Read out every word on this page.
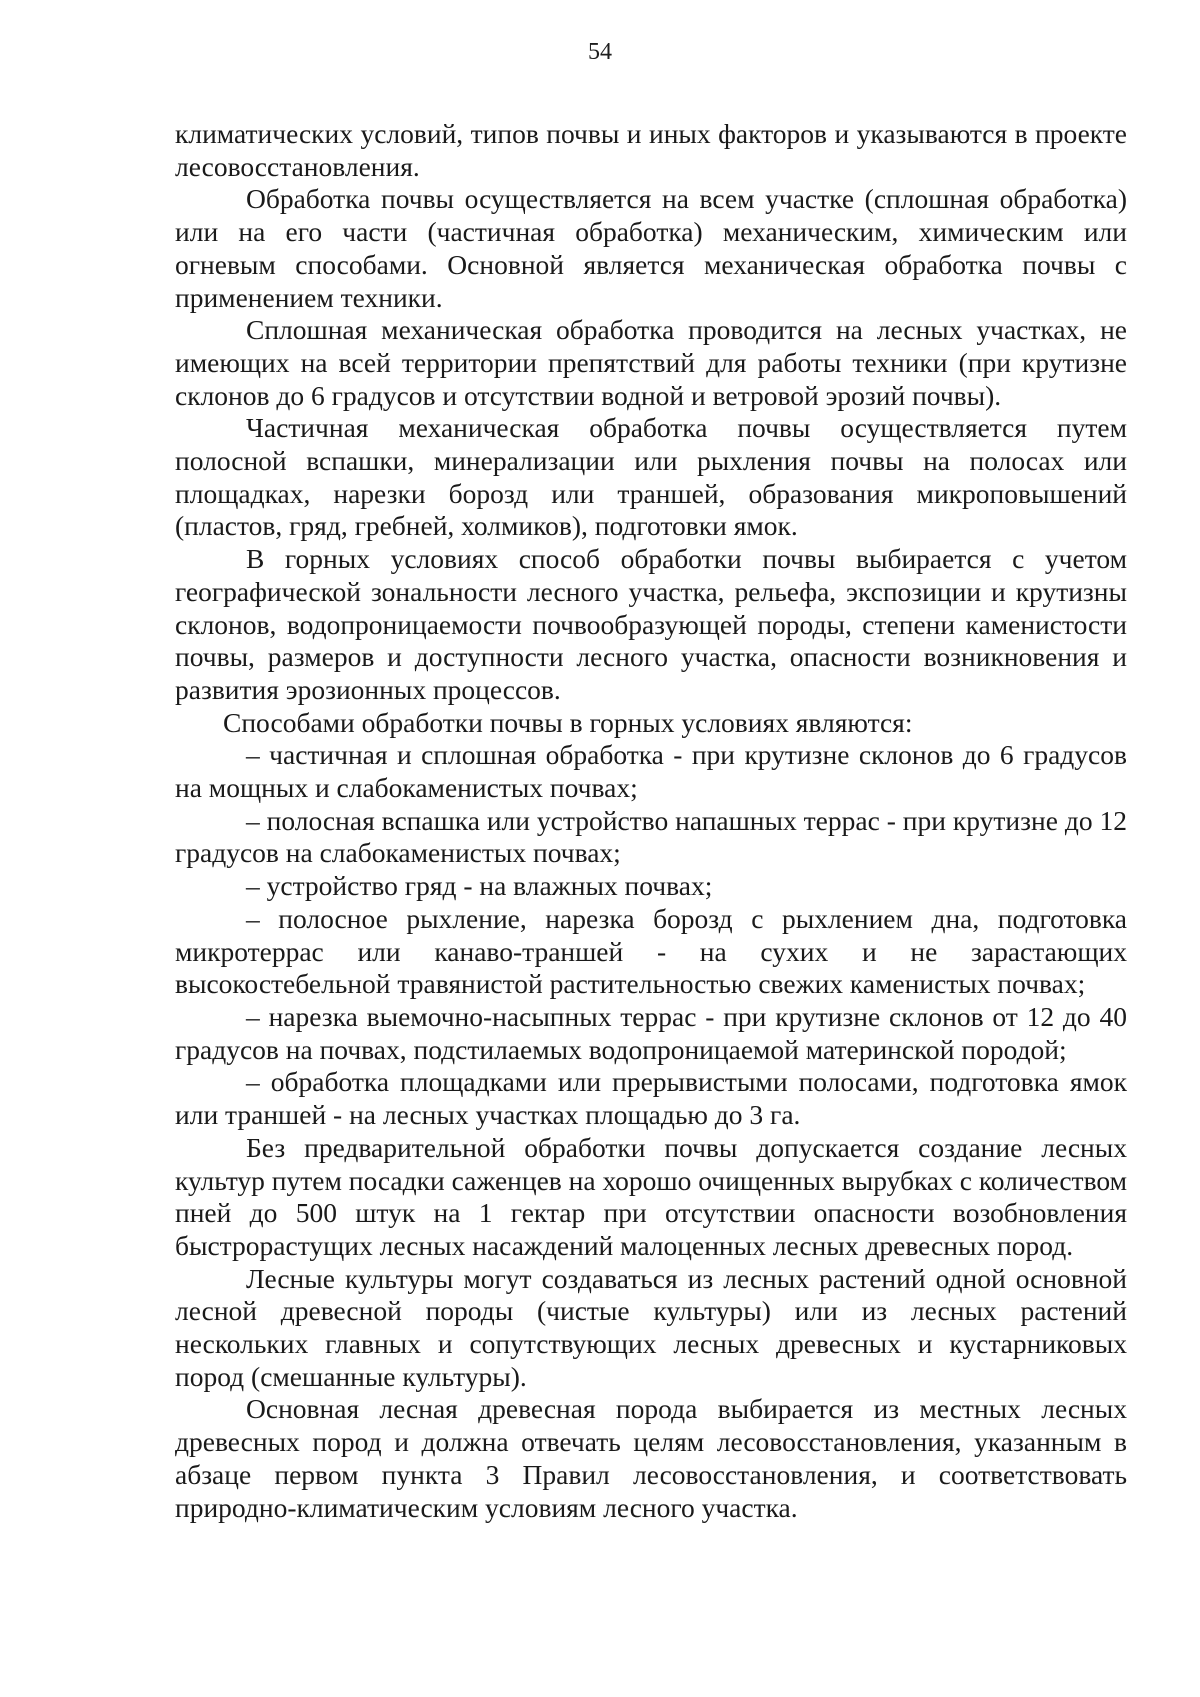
54

климатических условий, типов почвы и иных факторов и указываются в проекте лесовосстановления.

Обработка почвы осуществляется на всем участке (сплошная обработка) или на его части (частичная обработка) механическим, химическим или огневым способами. Основной является механическая обработка почвы с применением техники.

Сплошная механическая обработка проводится на лесных участках, не имеющих на всей территории препятствий для работы техники (при крутизне склонов до 6 градусов и отсутствии водной и ветровой эрозий почвы).

Частичная механическая обработка почвы осуществляется путем полосной вспашки, минерализации или рыхления почвы на полосах или площадках, нарезки борозд или траншей, образования микроповышений (пластов, гряд, гребней, холмиков), подготовки ямок.

В горных условиях способ обработки почвы выбирается с учетом географической зональности лесного участка, рельефа, экспозиции и крутизны склонов, водопроницаемости почвообразующей породы, степени каменистости почвы, размеров и доступности лесного участка, опасности возникновения и развития эрозионных процессов.

Способами обработки почвы в горных условиях являются:

– частичная и сплошная обработка - при крутизне склонов до 6 градусов на мощных и слабокаменистых почвах;

– полосная вспашка или устройство напашных террас - при крутизне до 12 градусов на слабокаменистых почвах;

– устройство гряд - на влажных почвах;

– полосное рыхление, нарезка борозд с рыхлением дна, подготовка микротеррас или канаво-траншей - на сухих и не зарастающих высокостебельной травянистой растительностью свежих каменистых почвах;

– нарезка выемочно-насыпных террас - при крутизне склонов от 12 до 40 градусов на почвах, подстилаемых водопроницаемой материнской породой;

– обработка площадками или прерывистыми полосами, подготовка ямок или траншей - на лесных участках площадью до 3 га.

Без предварительной обработки почвы допускается создание лесных культур путем посадки саженцев на хорошо очищенных вырубках с количеством пней до 500 штук на 1 гектар при отсутствии опасности возобновления быстрорастущих лесных насаждений малоценных лесных древесных пород.

Лесные культуры могут создаваться из лесных растений одной основной лесной древесной породы (чистые культуры) или из лесных растений нескольких главных и сопутствующих лесных древесных и кустарниковых пород (смешанные культуры).

Основная лесная древесная порода выбирается из местных лесных древесных пород и должна отвечать целям лесовосстановления, указанным в абзаце первом пункта 3 Правил лесовосстановления, и соответствовать природно-климатическим условиям лесного участка.
